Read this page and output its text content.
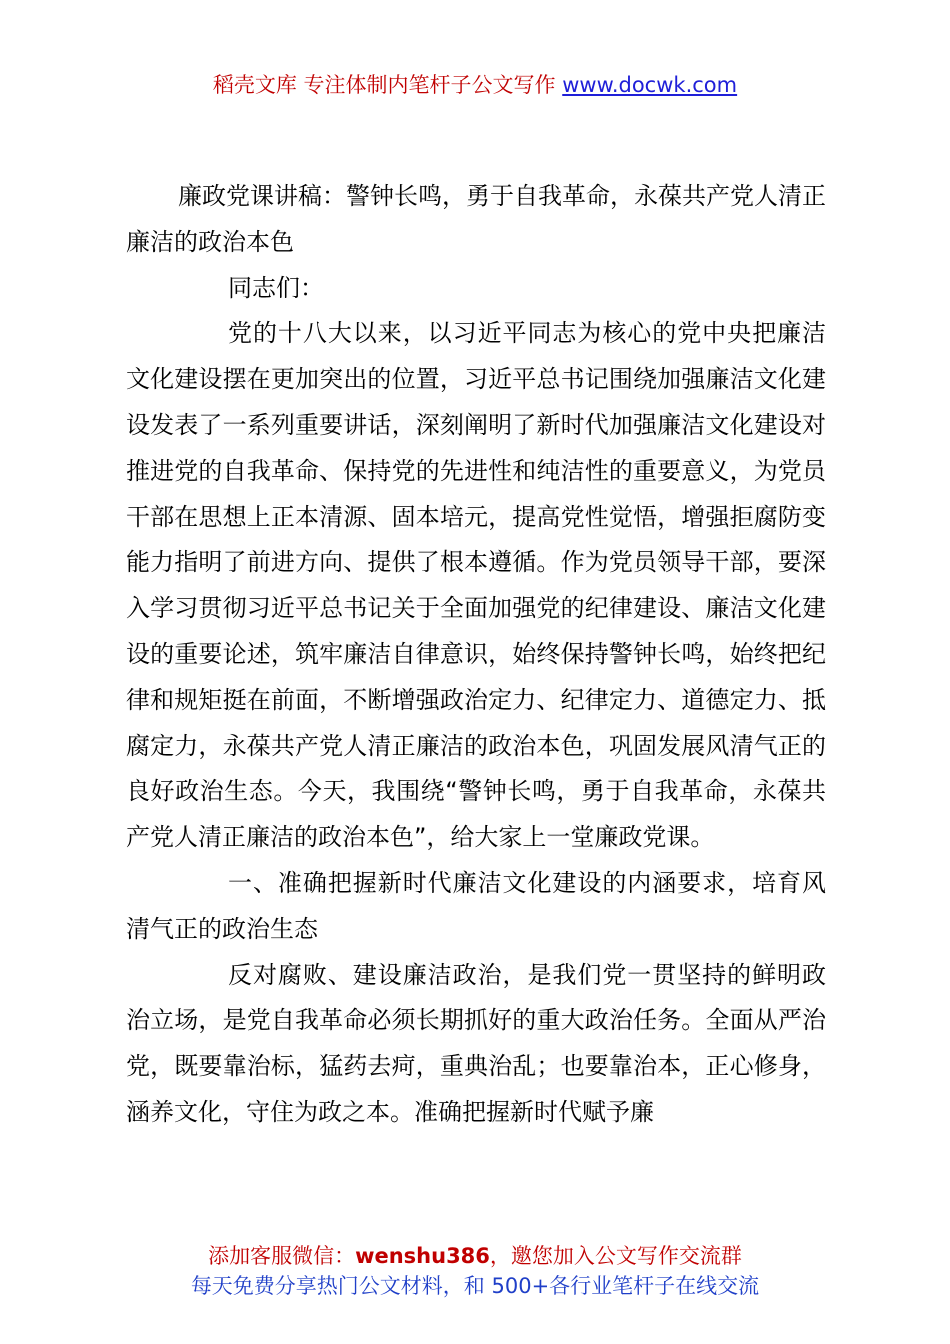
稻壳文库 专注体制内笔杆子公文写作 www.docwk.com

廉政党课讲稿：警钟长鸣，勇于自我革命，永葆共产党人清正廉洁的政治本色

同志们：

党的十八大以来，以习近平同志为核心的党中央把廉洁文化建设摆在更加突出的位置，习近平总书记围绕加强廉洁文化建设发表了一系列重要讲话，深刻阐明了新时代加强廉洁文化建设对推进党的自我革命、保持党的先进性和纯洁性的重要意义，为党员干部在思想上正本清源、固本培元，提高党性觉悟，增强拒腐防变能力指明了前进方向、提供了根本遵循。作为党员领导干部，要深入学习贯彻习近平总书记关于全面加强党的纪律建设、廉洁文化建设的重要论述，筑牢廉洁自律意识，始终保持警钟长鸣，始终把纪律和规矩挺在前面，不断增强政治定力、纪律定力、道德定力、抵腐定力，永葆共产党人清正廉洁的政治本色，巩固发展风清气正的良好政治生态。今天，我围绕“警钟长鸣，勇于自我革命，永葆共产党人清正廉洁的政治本色”，给大家上一堂廉政党课。

一、准确把握新时代廉洁文化建设的内涵要求，培育风清气正的政治生态

反对腐败、建设廉洁政治，是我们党一贯坚持的鲜明政治立场，是党自我革命必须长期抓好的重大政治任务。全面从严治党，既要靠治标，猛药去疴，重典治乱；也要靠治本，正心修身，涵养文化，守住为政之本。准确把握新时代赋予廉

添加客服微信：wenshu386，邀您加入公文写作交流群
每天免费分享热门公文材料，和 500+各行业笔杆子在线交流
